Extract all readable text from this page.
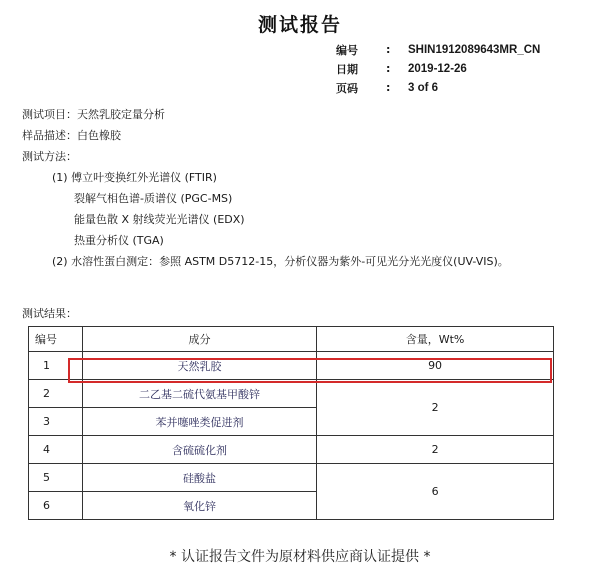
测试报告
编号	:	SHIN1912089643MR_CN
日期	:	2019-12-26
页码	:	3 of 6
测试项目：天然乳胶定量分析
样品描述：白色橡胶
测试方法：
(1) 傅立叶变换红外光谱仪 (FTIR)
裂解气相色谱-质谱仪 (PGC-MS)
能量色散 X 射线荧光光谱仪 (EDX)
热重分析仪 (TGA)
(2) 水溶性蛋白测定：参照 ASTM D5712-15，分析仪器为紫外-可见光分光光度仪(UV-VIS)。
测试结果：
编号	成分	含量，Wt%
1	天然乳胶	90
2	二乙基二硫代氨基甲酸锌	2
3	苯并噻唑类促进剂	
4	含硫硫化剂	2
5	硅酸盐	6
6	氧化锌	
* 认证报告文件为原材料供应商认证提供 *
